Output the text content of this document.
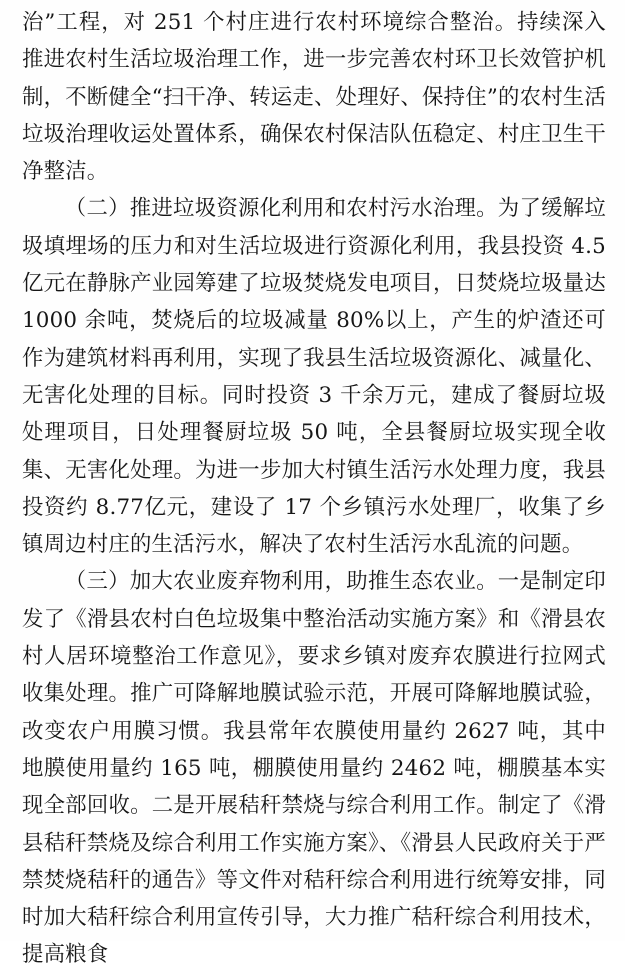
治”工程，对 251 个村庄进行农村环境综合整治。持续深入推进农村生活垃圾治理工作，进一步完善农村环卫长效管护机制，不断健全“扫干净、转运走、处理好、保持住”的农村生活垃圾治理收运处置体系，确保农村保洁队伍稳定、村庄卫生干净整洁。

（二）推进垃圾资源化利用和农村污水治理。为了缓解垃圾填埋场的压力和对生活垃圾进行资源化利用，我县投资 4.5亿元在静脉产业园筹建了垃圾焚烧发电项目，日焚烧垃圾量达1000 余吨，焚烧后的垃圾减量 80%以上，产生的炉渣还可作为建筑材料再利用，实现了我县生活垃圾资源化、减量化、无害化处理的目标。同时投资 3 千余万元，建成了餐厨垃圾处理项目，日处理餐厨垃圾 50 吨，全县餐厨垃圾实现全收集、无害化处理。为进一步加大村镇生活污水处理力度，我县投资约 8.77亿元，建设了 17 个乡镇污水处理厂，收集了乡镇周边村庄的生活污水，解决了农村生活污水乱流的问题。

（三）加大农业废弃物利用，助推生态农业。一是制定印发了《滑县农村白色垃圾集中整治活动实施方案》和《滑县农村人居环境整治工作意见》，要求乡镇对废弃农膜进行拉网式收集处理。推广可降解地膜试验示范，开展可降解地膜试验，改变农户用膜习惯。我县常年农膜使用量约 2627 吨，其中地膜使用量约 165 吨，棚膜使用量约 2462 吨，棚膜基本实现全部回收。二是开展秸秆禁烧与综合利用工作。制定了《滑县秸秆禁烧及综合利用工作实施方案》、《滑县人民政府关于严禁焚烧秸秆的通告》等文件对秸秆综合利用进行统筹安排，同时加大秸秆综合利用宣传引导，大力推广秸秆综合利用技术，提高粮食
